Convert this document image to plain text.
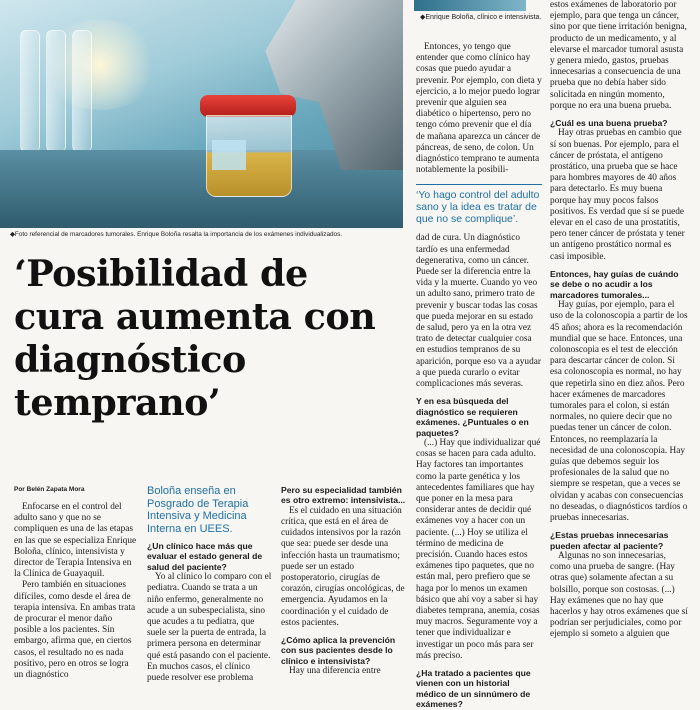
◆Foto referencial de marcadores tumorales. Enrique Boloña resalta la importancia de los exámenes individualizados.
◆Enrique Boloña, clínico e intensivista.
‘Posibilidad de cura aumenta con diagnóstico temprano’
Por Belén Zapata Mora

Enfocarse en el control del adulto sano y que no se compliquen es una de las etapas en las que se especializa Enrique Boloña, clínico, intensivista y director de Terapia Intensiva en la Clínica de Guayaquil.

Pero también en situaciones difíciles, como desde el área de terapia intensiva. En ambas trata de procurar el menor daño posible a los pacientes. Sin embargo, afirma que, en ciertos casos, el resultado no es nada positivo, pero en otros se logra un diagnóstico

Boloña enseña en Posgrado de Terapia Intensiva y Medicina Interna en UEES.

¿Un clínico hace más que evaluar el estado general de salud del paciente?

Yo al clínico lo comparo con el pediatra. Cuando se trata a un niño enfermo, generalmente no acude a un subespecialista, sino que acudes a tu pediatra, que suele ser la puerta de entrada, la primera persona en determinar qué está pasando con el paciente. En muchos casos, el clínico puede resolver ese problema

Pero su especialidad también es otro extremo: intensivista...

Es el cuidado en una situación crítica, que está en el área de cuidados intensivos por la razón que sea: puede ser desde una infección hasta un traumatismo; puede ser un estado postoperatorio, cirugías de corazón, cirugías oncológicas, de emergencia. Ayudamos en la coordinación y el cuidado de estos pacientes.

¿Cómo aplica la prevención con sus pacientes desde lo clínico e intensivista?

Hay una diferencia entre

Entonces, yo tengo que entender que como clínico hay cosas que puedo ayudar a prevenir. Por ejemplo, con dieta y ejercicio, a lo mejor puedo lograr prevenir que alguien sea diabético o hipertenso, pero no tengo cómo prevenir que el día de mañana aparezca un cáncer de páncreas, de seno, de colon. Un diagnóstico temprano te aumenta notablemente la posibili-

‘Yo hago control del adulto sano y la idea es tratar de que no se complique’.

dad de cura. Un diagnóstico tardío es una enfermedad degenerativa, como un cáncer. Puede ser la diferencia entre la vida y la muerte. Cuando yo veo un adulto sano, primero trato de prevenir y buscar todas las cosas que pueda mejorar en su estado de salud, pero ya en la otra vez trato de detectar cualquier cosa en estudios tempranos de su aparición, porque eso va a ayudar a que pueda curarlo o evitar complicaciones más severas.

Y en esa búsqueda del diagnóstico se requieren exámenes. ¿Puntuales o en paquetes?

(...) Hay que individualizar qué cosas se hacen para cada adulto. Hay factores tan importantes como la parte genética y los antecedentes familiares que hay que poner en la mesa para considerar antes de decidir qué exámenes voy a hacer con un paciente. (...) Hoy se utiliza el término de medicina de precisión. Cuando haces estos exámenes tipo paquetes, que no están mal, pero prefiero que se haga por lo menos un examen básico que ahí voy a saber si hay diabetes temprana, anemia, cosas muy macros. Seguramente voy a tener que individualizar e investigar un poco más para ser más preciso.

¿Ha tratado a pacientes que vienen con un historial médico de un sinnúmero de exámenes?

estos exámenes de laboratorio por ejemplo, para que tenga un cáncer, sino por que tiene irritación benigna, producto de un medicamento, y al elevarse el marcador tumoral asusta y genera miedo, gastos, pruebas innecesarias a consecuencia de una prueba que no debía haber sido solicitada en ningún momento, porque no era una buena prueba.

¿Cuál es una buena prueba?

Hay otras pruebas en cambio que sí son buenas. Por ejemplo, para el cáncer de próstata, el antígeno prostático, una prueba que se hace para hombres mayores de 40 años para detectarlo. Es muy buena porque hay muy pocos falsos positivos. Es verdad que sí se puede elevar en el caso de una prostatitis, pero tener cáncer de próstata y tener un antígeno prostático normal es casi imposible.

Entonces, hay guías de cuándo se debe o no acudir a los marcadores tumorales...

Hay guías, por ejemplo, para el uso de la colonoscopia a partir de los 45 años; ahora es la recomendación mundial que se hace. Entonces, una colonoscopia es el test de elección para descartar cáncer de colon. Si esa colonoscopia es normal, no hay que repetirla sino en diez años. Pero hacer exámenes de marcadores tumorales para el colon, si están normales, no quiere decir que no puedas tener un cáncer de colon. Entonces, no reemplazaría la necesidad de una colonoscopia. Hay guías que debemos seguir los profesionales de la salud que no siempre se respetan, que a veces se olvidan y acabas con consecuencias no deseadas, o diagnósticos tardíos o pruebas innecesarias.

¿Estas pruebas innecesarias pueden afectar al paciente?

Algunas no son innecesarias, como una prueba de sangre. (Hay otras que) solamente afectan a su bolsillo, porque son costosas. (...) Hay exámenes que no hay que hacerlos y hay otros exámenes que sí podrían ser perjudiciales, como por ejemplo si someto a alguien que
